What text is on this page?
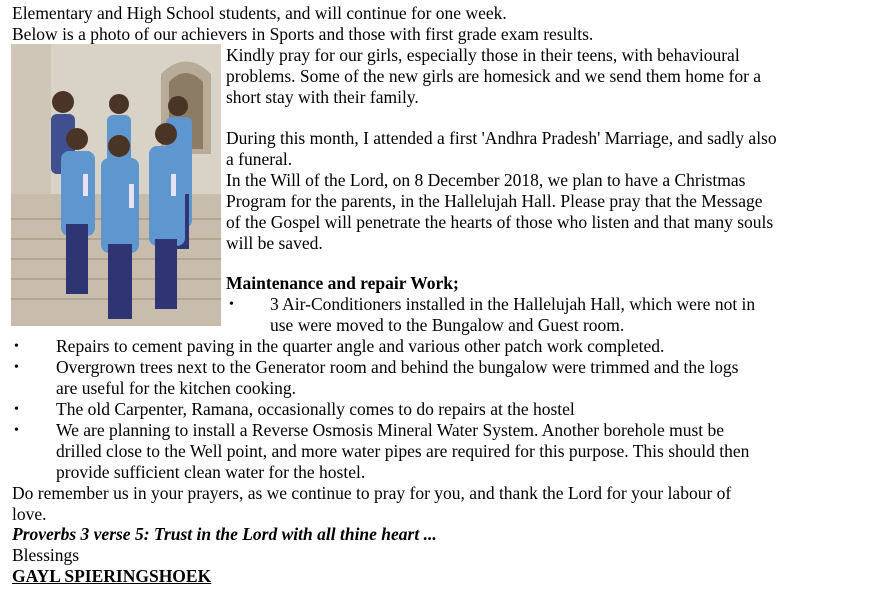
Elementary and High School students, and will continue for one week.
Below is a photo of our achievers in Sports and those with first grade exam results.
Kindly pray for our girls, especially those in their teens, with behavioural
problems. Some of the new girls are homesick and we send them home for a
short stay with their family.
During this month, I attended a first 'Andhra Pradesh' Marriage, and sadly also
a funeral.
In the Will of the Lord, on 8 December 2018, we plan to have a Christmas
Program for the parents, in the Hallelujah Hall. Please pray that the Message
of the Gospel will penetrate the hearts of those who listen and that many souls
will be saved.
Maintenance and repair Work;
• 3 Air-Conditioners installed in the Hallelujah Hall, which were not in
use were moved to the Bungalow and Guest room.
• Repairs to cement paving in the quarter angle and various other patch work completed.
• Overgrown trees next to the Generator room and behind the bungalow were trimmed and the logs
are useful for the kitchen cooking.
• The old Carpenter, Ramana, occasionally comes to do repairs at the hostel
• We are planning to install a Reverse Osmosis Mineral Water System. Another borehole must be
drilled close to the Well point, and more water pipes are required for this purpose. This should then
provide sufficient clean water for the hostel.
Do remember us in your prayers, as we continue to pray for you, and thank the Lord for your labour of
love.
Proverbs 3 verse 5: Trust in the Lord with all thine heart ...
Blessings
GAYL SPIERINGSHOEK
